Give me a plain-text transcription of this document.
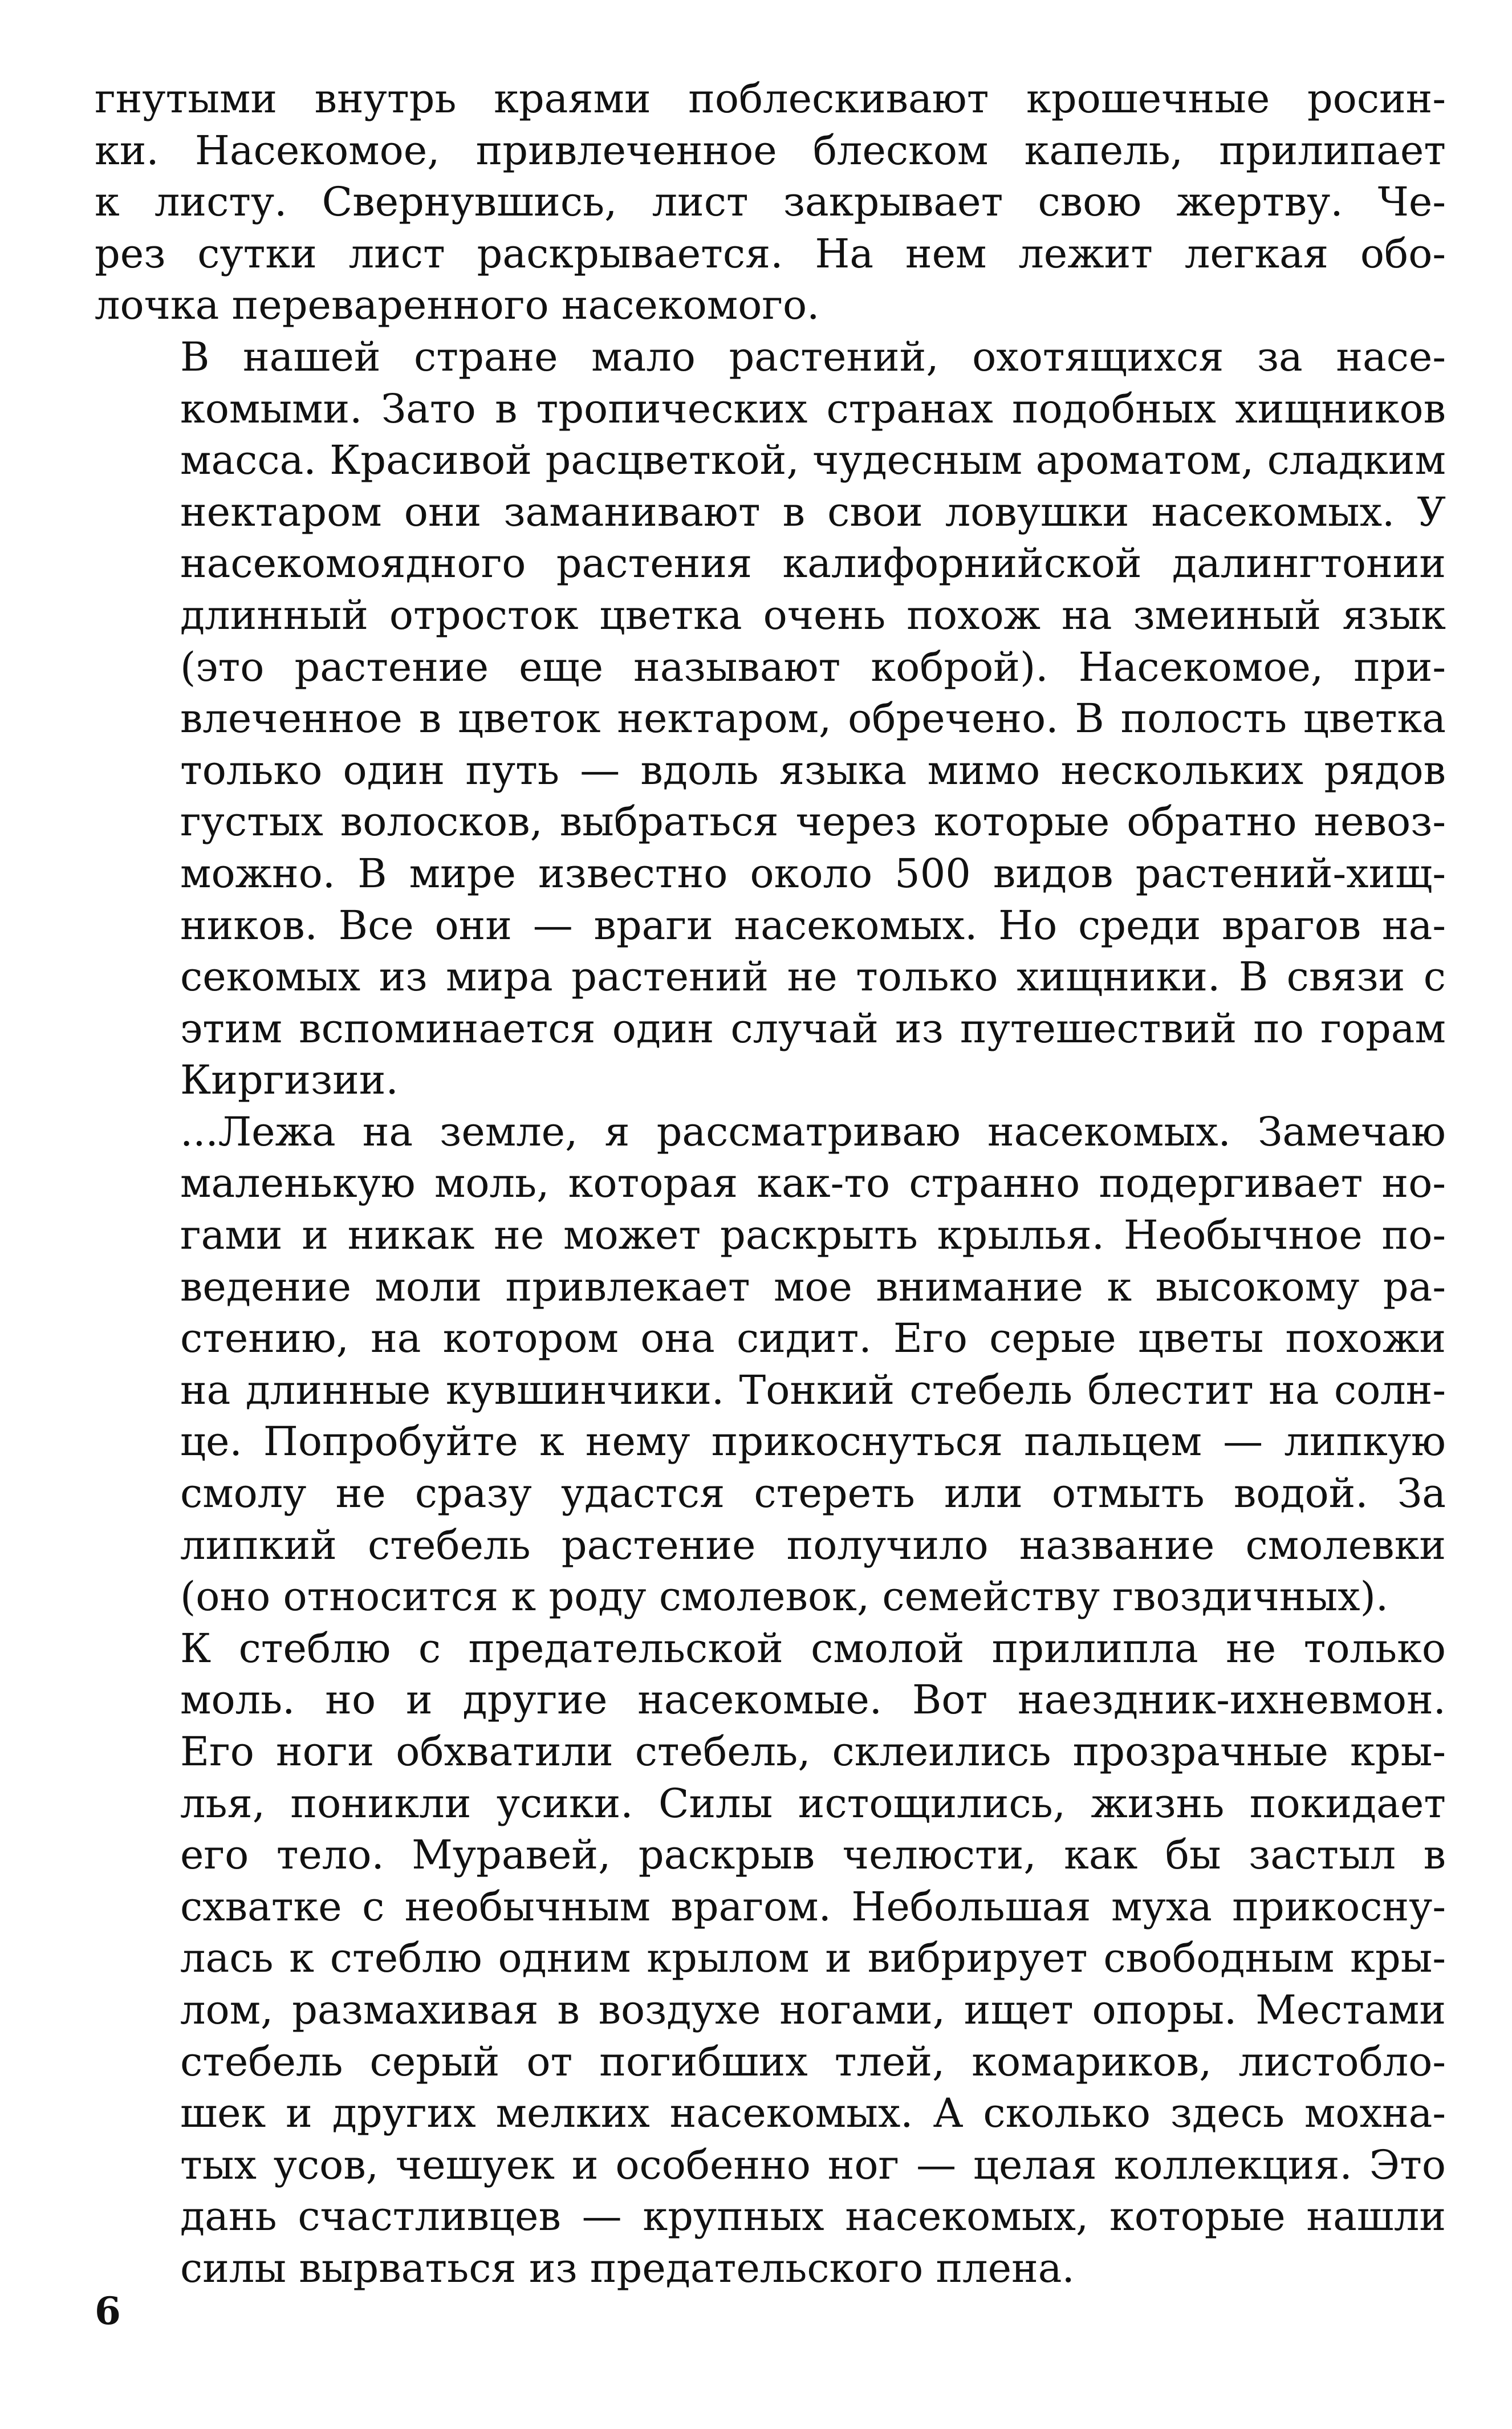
гнутыми внутрь краями поблескивают крошечные росин-
ки. Насекомое, привлеченное блеском капель, прилипает
к листу. Свернувшись, лист закрывает свою жертву. Че-
рез сутки лист раскрывается. На нем лежит легкая обо-
лочка переваренного насекомого.

В нашей стране мало растений, охотящихся за насе-
комыми. Зато в тропических странах подобных хищников
масса. Красивой расцветкой, чудесным ароматом, сладким
нектаром они заманивают в свои ловушки насекомых. У
насекомоядного растения калифорнийской далингтонии
длинный отросток цветка очень похож на змеиный язык
(это растение еще называют коброй). Насекомое, при-
влеченное в цветок нектаром, обречено. В полость цветка
только один путь — вдоль языка мимо нескольких рядов
густых волосков, выбраться через которые обратно невоз-
можно. В мире известно около 500 видов растений-хищ-
ников. Все они — враги насекомых. Но среди врагов на-
секомых из мира растений не только хищники. В связи с
этим вспоминается один случай из путешествий по горам
Киргизии.

...Лежа на земле, я рассматриваю насекомых. Замечаю
маленькую моль, которая как-то странно подергивает но-
гами и никак не может раскрыть крылья. Необычное по-
ведение моли привлекает мое внимание к высокому ра-
стению, на котором она сидит. Его серые цветы похожи
на длинные кувшинчики. Тонкий стебель блестит на солн-
це. Попробуйте к нему прикоснуться пальцем — липкую
смолу не сразу удастся стереть или отмыть водой. За
липкий стебель растение получило название смолевки
(оно относится к роду смолевок, семейству гвоздичных).

К стеблю с предательской смолой прилипла не только
моль. но и другие насекомые. Вот наездник-ихневмон.
Его ноги обхватили стебель, склеились прозрачные кры-
лья, поникли усики. Силы истощились, жизнь покидает
его тело. Муравей, раскрыв челюсти, как бы застыл в
схватке с необычным врагом. Небольшая муха прикосну-
лась к стеблю одним крылом и вибрирует свободным кры-
лом, размахивая в воздухе ногами, ищет опоры. Местами
стебель серый от погибших тлей, комариков, листобло-
шек и других мелких насекомых. А сколько здесь мохна-
тых усов, чешуек и особенно ног — целая коллекция. Это
дань счастливцев — крупных насекомых, которые нашли
силы вырваться из предательского плена.

6
